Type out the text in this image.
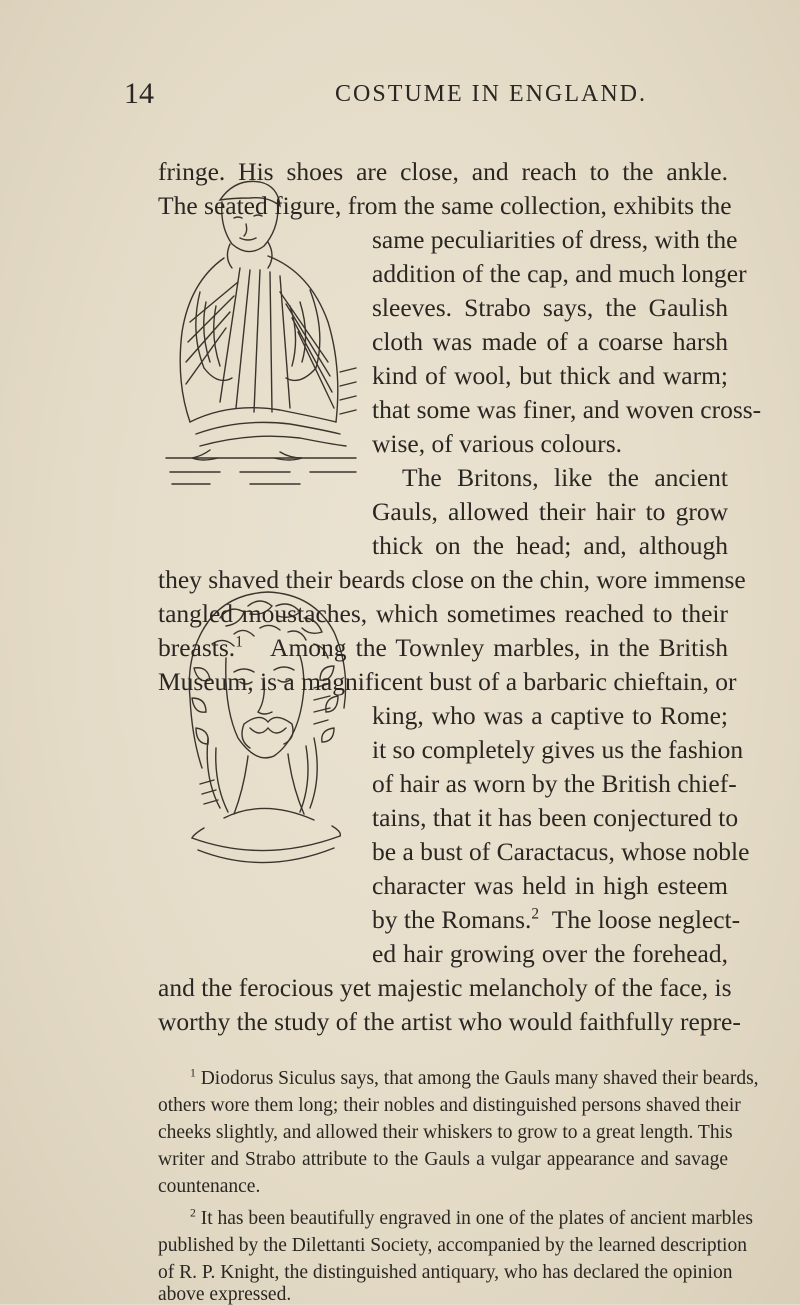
14	COSTUME IN ENGLAND.
fringe. His shoes are close, and reach to the ankle.
The seated figure, from the same collection, exhibits the
same peculiarities of dress, with the
addition of the cap, and much longer
sleeves. Strabo says, the Gaulish
cloth was made of a coarse harsh
kind of wool, but thick and warm;
that some was finer, and woven cross-
wise, of various colours.
The Britons, like the ancient
Gauls, allowed their hair to grow
thick on the head; and, although
they shaved their beards close on the chin, wore immense
tangled moustaches, which sometimes reached to their
breasts.$^1$ Among the Townley marbles, in the British
Museum, is a magnificent bust of a barbaric chieftain, or
king, who was a captive to Rome;
it so completely gives us the fashion
of hair as worn by the British chief-
tains, that it has been conjectured to
be a bust of Caractacus, whose noble
character was held in high esteem
by the Romans.$^2$ The loose neglect-
ed hair growing over the forehead,
and the ferocious yet majestic melancholy of the face, is
worthy the study of the artist who would faithfully repre-
$^1$ Diodorus Siculus says, that among the Gauls many shaved their beards,
others wore them long; their nobles and distinguished persons shaved their
cheeks slightly, and allowed their whiskers to grow to a great length. This
writer and Strabo attribute to the Gauls a vulgar appearance and savage
countenance.
$^2$ It has been beautifully engraved in one of the plates of ancient marbles
published by the Dilettanti Society, accompanied by the learned description
of R. P. Knight, the distinguished antiquary, who has declared the opinion
above expressed.
